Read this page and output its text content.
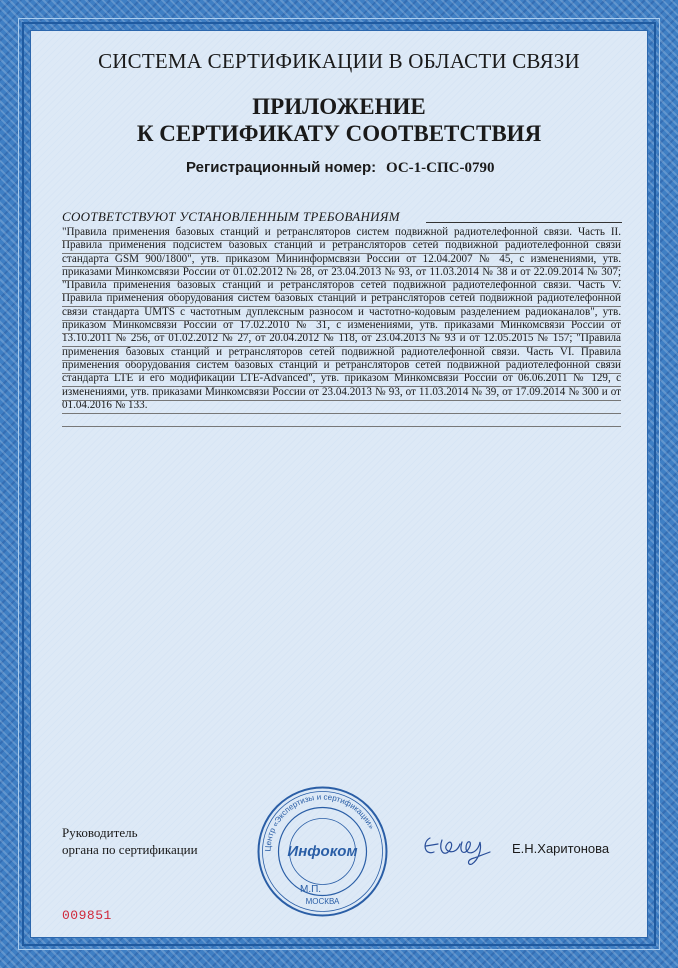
СИСТЕМА СЕРТИФИКАЦИИ В ОБЛАСТИ СВЯЗИ
ПРИЛОЖЕНИЕ
К СЕРТИФИКАТУ СООТВЕТСТВИЯ
Регистрационный номер: ОС-1-СПС-0790
СООТВЕТСТВУЮТ УСТАНОВЛЕННЫМ ТРЕБОВАНИЯМ
"Правила применения базовых станций и ретрансляторов систем подвижной радиотелефонной связи. Часть II. Правила применения подсистем базовых станций и ретрансляторов сетей подвижной радиотелефонной связи стандарта GSM 900/1800", утв. приказом Мининформсвязи России от 12.04.2007 № 45, с изменениями, утв. приказами Минкомсвязи России от 01.02.2012 № 28, от 23.04.2013 № 93, от 11.03.2014 № 38 и от 22.09.2014 № 307; "Правила применения базовых станций и ретрансляторов сетей подвижной радиотелефонной связи. Часть V. Правила применения оборудования систем базовых станций и ретрансляторов сетей подвижной радиотелефонной связи стандарта UMTS с частотным дуплексным разносом и частотно-кодовым разделением радиоканалов", утв. приказом Минкомсвязи России от 17.02.2010 № 31, с изменениями, утв. приказами Минкомсвязи России от 13.10.2011 № 256, от 01.02.2012 № 27, от 20.04.2012 № 118, от 23.04.2013 № 93 и от 12.05.2015 № 157; "Правила применения базовых станций и ретрансляторов сетей подвижной радиотелефонной связи. Часть VI. Правила применения оборудования систем базовых станций и ретрансляторов сетей подвижной радиотелефонной связи стандарта LTE и его модификации LTE-Advanced", утв. приказом Минкомсвязи России от 06.06.2011 № 129, с изменениями, утв. приказами Минкомсвязи России от 23.04.2013 № 93, от 11.03.2014 № 39, от 17.09.2014 № 300 и от 01.04.2016 № 133.
Руководитель
органа по сертификации	Центр «Экспертизы и сертификации»
Инфоком
МОСКВА
М.П.
Е.Н.Харитонова
009851
